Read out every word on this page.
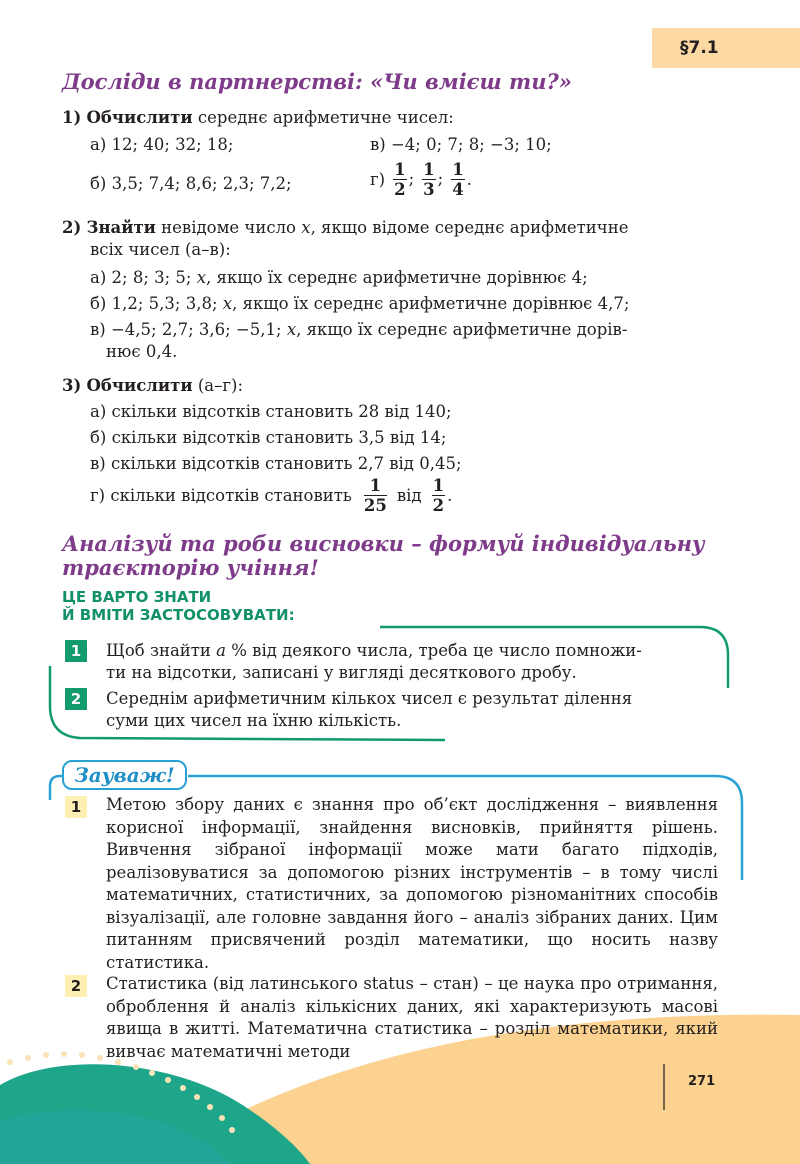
§7.1
Досліди в партнерстві: «Чи вмієш ти?»
1) Обчислити середнє арифметичне чисел:
а) 12; 40; 32; 18;	в) −4; 0; 7; 8; −3; 10;
б) 3,5; 7,4; 8,6; 2,3; 7,2;	$г) \frac{1}{2}$ ; $\frac{1}{3}$ ; $\frac{1}{4}$ .
2) Знайти невідоме число x, якщо відоме середнє арифметичне
всіх чисел (а–в):
а) 2; 8; 3; 5; x, якщо їх середнє арифметичне дорівнює 4;
б) 1,2; 5,3; 3,8; x, якщо їх середнє арифметичне дорівнює 4,7;
в) −4,5; 2,7; 3,6; −5,1; x, якщо їх середнє арифметичне дорів-
нює 0,4.
3) Обчислити (а–г):
а) скільки відсотків становить 28 від 140;
б) скільки відсотків становить 3,5 від 14;
в) скільки відсотків становить 2,7 від 0,45;
г) скільки відсотків становить $\frac{1}{25}$ від $\frac{1}{2}$ .
Аналізуй та роби висновки – формуй індивідуальну
траєкторію учіння!
ЦЕ ВАРТО ЗНАТИ
Й ВМІТИ ЗАСТОСОВУВАТИ:
1	Щоб знайти a % від деякого числа, треба це число помножи-
ти на відсотки, записані у вигляді десяткового дробу.
2	Середнім арифметичним кількох чисел є результат ділення
суми цих чисел на їхню кількість.
Зауваж!
1	Метою збору даних є знання про об’єкт дослідження – виявлення корисної інформації, знайдення висновків, прийняття рішень. Вивчення зібраної інформації може мати багато підходів, реалізовуватися за допомогою різних інструментів – в тому числі математичних, статистичних, за допомогою різноманітних способів візуалізації, але головне завдання його – аналіз зібраних даних. Цим питанням присвячений розділ математики, що носить назву статистика.
2	Статистика (від латинського status – стан) – це наука про отримання, оброблення й аналіз кількісних даних, які характеризують масові явища в житті. Математична статистика – розділ математики, який вивчає математичні методи
271
